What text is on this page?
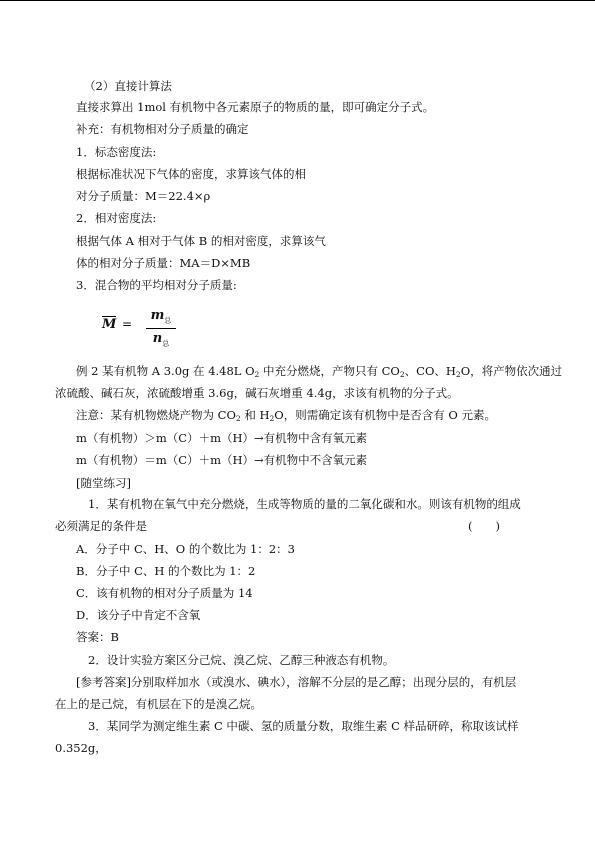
（2）直接计算法
直接求算出 1mol 有机物中各元素原子的物质的量，即可确定分子式。
补充：有机物相对分子质量的确定
1．标态密度法:
根据标准状况下气体的密度，求算该气体的相
对分子质量：M＝22.4×ρ
2．相对密度法:
根据气体 A 相对于气体 B 的相对密度，求算该气
体的相对分子质量：MA＝D×MB
3．混合物的平均相对分子质量:
M =
$m_总$
$n_总$
例 2 某有机物 A 3.0g 在 4.48L $O_2$ 中充分燃烧，产物只有 $CO_2$、CO、$H_2O$，将产物依次通过
浓硫酸、碱石灰，浓硫酸增重 3.6g，碱石灰增重 4.4g，求该有机物的分子式。
注意：某有机物燃烧产物为 $CO_2$ 和 $H_2O$，则需确定该有机物中是否含有 O 元素。
m（有机物）＞m（C）＋m（H）→有机物中含有氧元素
m（有机物）＝m（C）＋m（H）→有机物中不含氧元素
[随堂练习]
1．某有机物在氧气中充分燃烧，生成等物质的量的二氧化碳和水。则该有机物的组成
必须满足的条件是	(　　)
A．分子中 C、H、O 的个数比为 1：2：3
B．分子中 C、H 的个数比为 1：2
C．该有机物的相对分子质量为 14
D．该分子中肯定不含氧
答案：B
2．设计实验方案区分己烷、溴乙烷、乙醇三种液态有机物。
[参考答案]分别取样加水（或溴水、碘水），溶解不分层的是乙醇；出现分层的，有机层
在上的是己烷，有机层在下的是溴乙烷。
3．某同学为测定维生素 C 中碳、氢的质量分数，取维生素 C 样品研碎，称取该试样
0.352g，
